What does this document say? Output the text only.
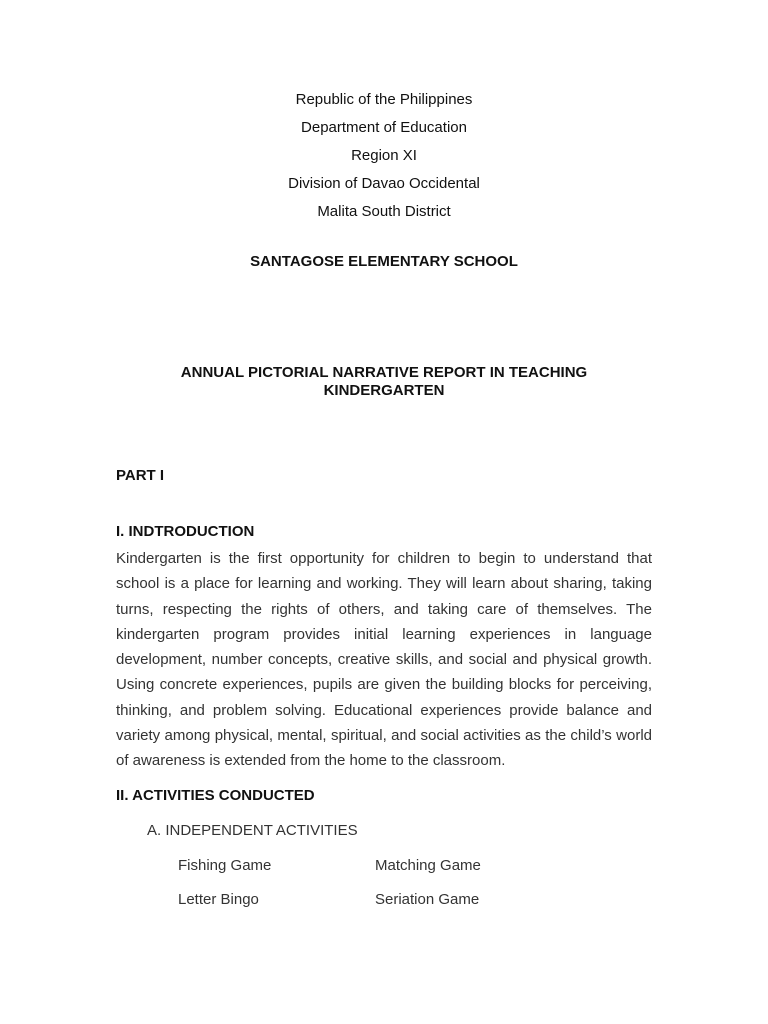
Republic of the Philippines
Department of Education
Region XI
Division of Davao Occidental
Malita South District
SANTAGOSE ELEMENTARY SCHOOL
ANNUAL PICTORIAL NARRATIVE REPORT IN TEACHING
KINDERGARTEN
PART I
I. INDTRODUCTION
Kindergarten is the first opportunity for children to begin to understand that school is a place for learning and working. They will learn about sharing, taking turns, respecting the rights of others, and taking care of themselves. The kindergarten program provides initial learning experiences in language development, number concepts, creative skills, and social and physical growth. Using concrete experiences, pupils are given the building blocks for perceiving, thinking, and problem solving. Educational experiences provide balance and variety among physical, mental, spiritual, and social activities as the child’s world of awareness is extended from the home to the classroom.
II. ACTIVITIES CONDUCTED
A. INDEPENDENT ACTIVITIES
Fishing Game	Matching Game
Letter Bingo	Seriation Game
